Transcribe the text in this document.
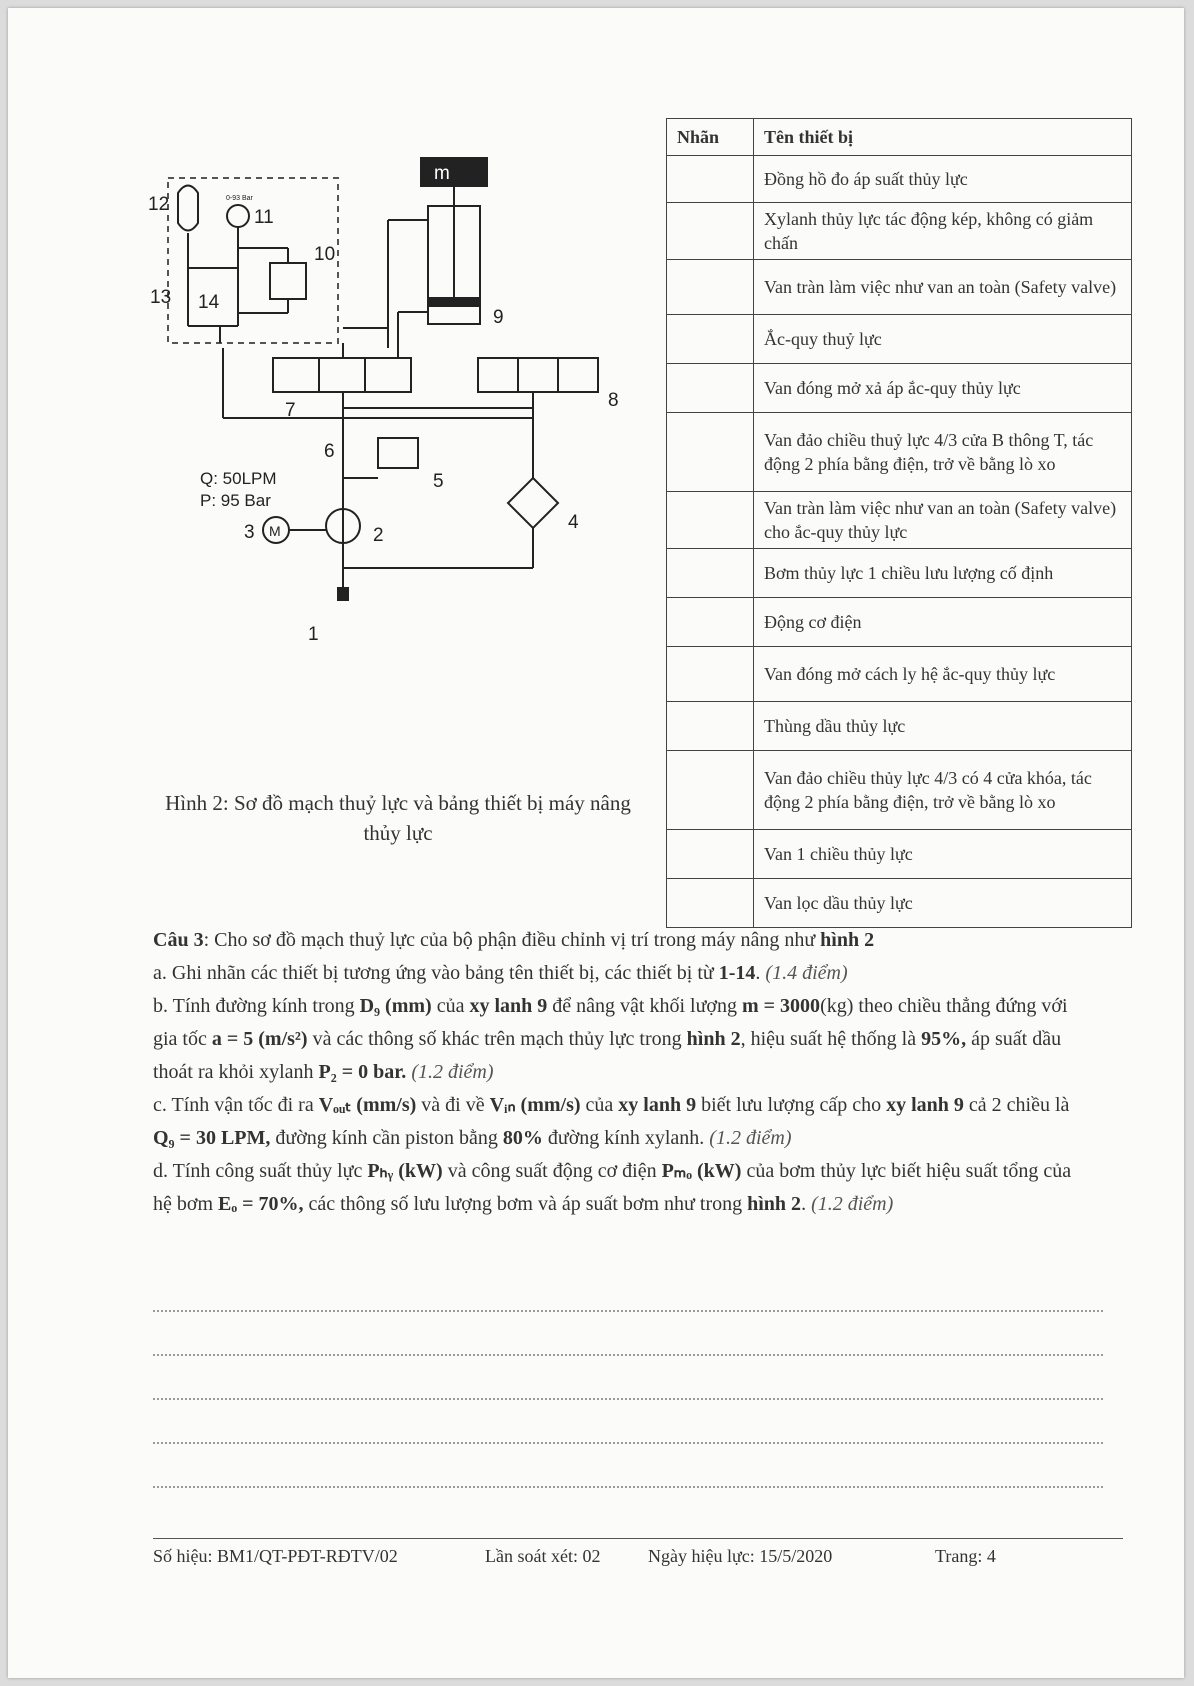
m
12
11
0-93 Bar
10
13 14
9
7	8
6
5
Q: 50LPM
P: 95 Bar
3 M	2
4
1
Hình 2: Sơ đồ mạch thuỷ lực và bảng thiết bị máy nâng thủy lực
Nhãn	Tên thiết bị
	Đồng hồ đo áp suất thủy lực
	Xylanh thủy lực tác động kép, không có giảm chấn
	Van tràn làm việc như van an toàn (Safety valve)
	Ắc-quy thuỷ lực
	Van đóng mở xả áp ắc-quy thủy lực
	Van đảo chiều thuỷ lực 4/3 cửa B thông T, tác động 2 phía bằng điện, trở về bằng lò xo
	Van tràn làm việc như van an toàn (Safety valve) cho ắc-quy thủy lực
	Bơm thủy lực 1 chiều lưu lượng cố định
	Động cơ điện
	Van đóng mở cách ly hệ ắc-quy thủy lực
	Thùng dầu thủy lực
	Van đảo chiều thủy lực 4/3 có 4 cửa khóa, tác động 2 phía bằng điện, trở về bằng lò xo
	Van 1 chiều thủy lực
	Van lọc dầu thủy lực

Câu 3: Cho sơ đồ mạch thuỷ lực của bộ phận điều chỉnh vị trí trong máy nâng như hình 2

a. Ghi nhãn các thiết bị tương ứng vào bảng tên thiết bị, các thiết bị từ 1-14. (1.4 điểm)

b. Tính đường kính trong D₉ (mm) của xy lanh 9 để nâng vật khối lượng m = 3000(kg) theo chiều thẳng đứng với gia tốc a = 5 (m/s²) và các thông số khác trên mạch thủy lực trong hình 2, hiệu suất hệ thống là 95%, áp suất dầu thoát ra khỏi xylanh P₂ = 0 bar. (1.2 điểm)

c. Tính vận tốc đi ra Vₒᵤₜ (mm/s) và đi về Vᵢₙ (mm/s) của xy lanh 9 biết lưu lượng cấp cho xy lanh 9 cả 2 chiều là Q₉ = 30 LPM, đường kính cần piston bằng 80% đường kính xylanh. (1.2 điểm)

d. Tính công suất thủy lực Pₕᵧ (kW) và công suất động cơ điện Pₘₒ (kW) của bơm thủy lực biết hiệu suất tổng của hệ bơm Eₒ = 70%, các thông số lưu lượng bơm và áp suất bơm như trong hình 2. (1.2 điểm)

Số hiệu: BM1/QT-PĐT-RĐTV/02	Lần soát xét: 02	Ngày hiệu lực: 15/5/2020	Trang: 4
